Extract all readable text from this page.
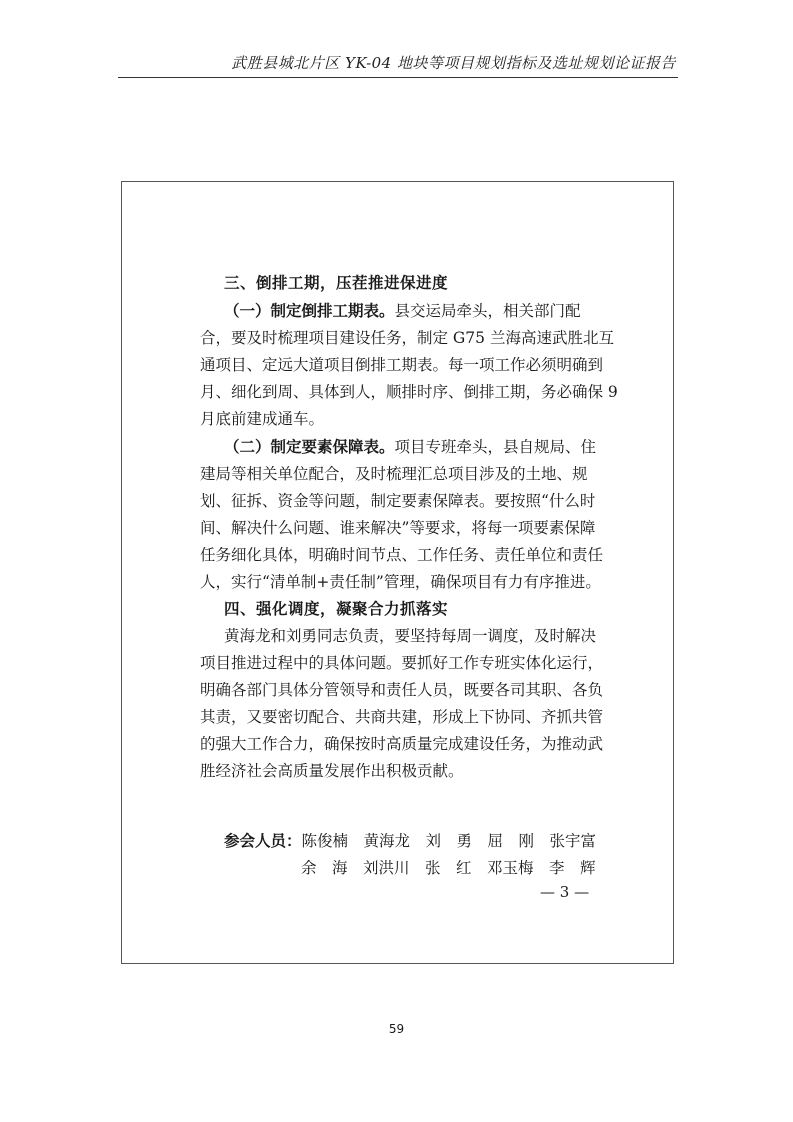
武胜县城北片区 YK-04 地块等项目规划指标及选址规划论证报告

三、倒排工期，压茬推进保进度

（一）制定倒排工期表。县交运局牵头，相关部门配
合，要及时梳理项目建设任务，制定 G75 兰海高速武胜北互
通项目、定远大道项目倒排工期表。每一项工作必须明确到
月、细化到周、具体到人，顺排时序、倒排工期，务必确保 9
月底前建成通车。

（二）制定要素保障表。项目专班牵头，县自规局、住
建局等相关单位配合，及时梳理汇总项目涉及的土地、规
划、征拆、资金等问题，制定要素保障表。要按照“什么时
间、解决什么问题、谁来解决”等要求，将每一项要素保障
任务细化具体，明确时间节点、工作任务、责任单位和责任
人，实行“清单制+责任制”管理，确保项目有力有序推进。

四、强化调度，凝聚合力抓落实

黄海龙和刘勇同志负责，要坚持每周一调度，及时解决
项目推进过程中的具体问题。要抓好工作专班实体化运行，
明确各部门具体分管领导和责任人员，既要各司其职、各负
其责，又要密切配合、共商共建，形成上下协同、齐抓共管
的强大工作合力，确保按时高质量完成建设任务，为推动武
胜经济社会高质量发展作出积极贡献。

参会人员：陈俊楠　黄海龙　刘　勇　屈　刚　张宇富
余　海　刘洪川　张　红　邓玉梅　李　辉
— 3 —
59
